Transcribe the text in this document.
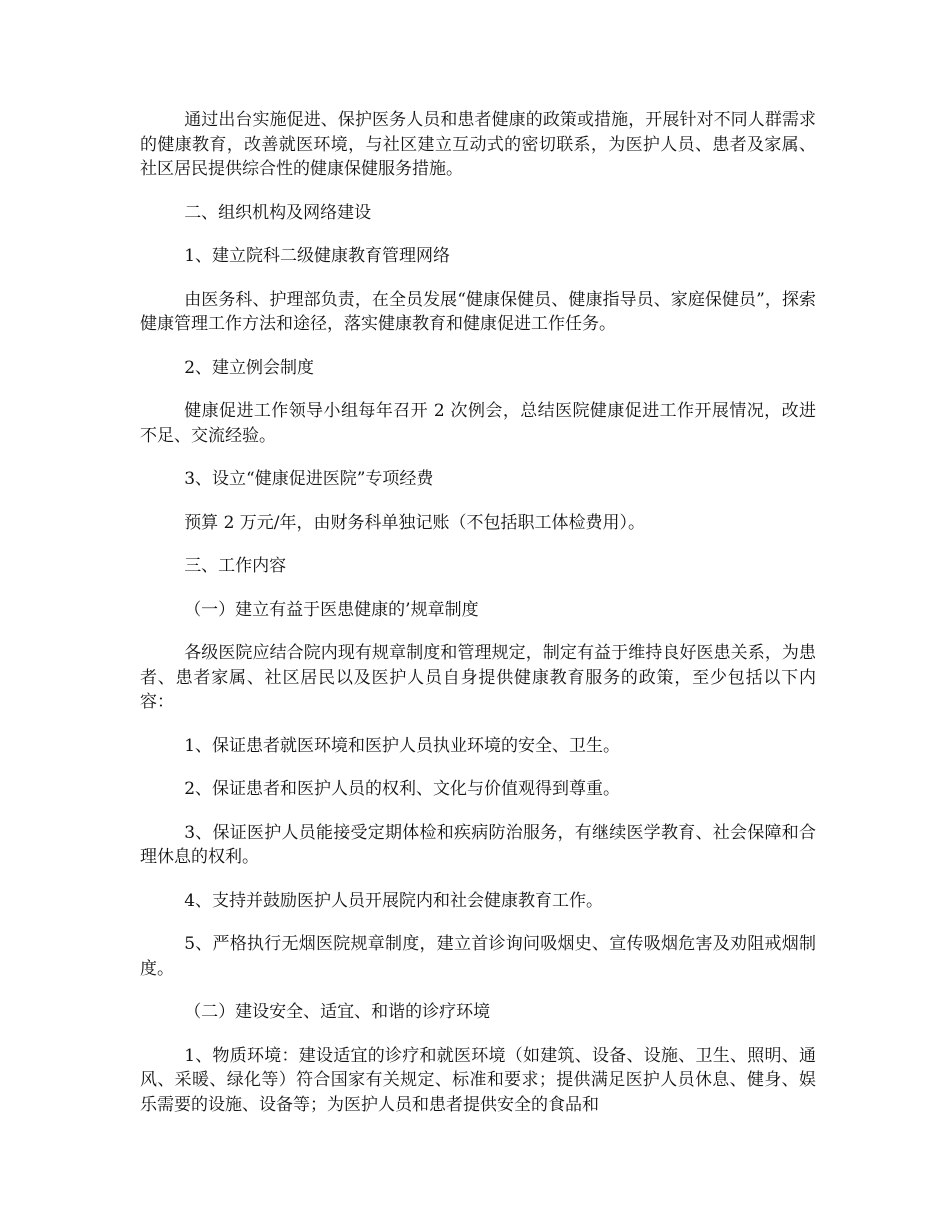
通过出台实施促进、保护医务人员和患者健康的政策或措施，开展针对不同人群需求的健康教育，改善就医环境，与社区建立互动式的密切联系，为医护人员、患者及家属、社区居民提供综合性的健康保健服务措施。

二、组织机构及网络建设

1、建立院科二级健康教育管理网络

由医务科、护理部负责，在全员发展“健康保健员、健康指导员、家庭保健员”，探索健康管理工作方法和途径，落实健康教育和健康促进工作任务。

2、建立例会制度

健康促进工作领导小组每年召开 2 次例会，总结医院健康促进工作开展情况，改进不足、交流经验。

3、设立“健康促进医院”专项经费

预算 2 万元/年，由财务科单独记账（不包括职工体检费用）。

三、工作内容

（一）建立有益于医患健康的’规章制度

各级医院应结合院内现有规章制度和管理规定，制定有益于维持良好医患关系，为患者、患者家属、社区居民以及医护人员自身提供健康教育服务的政策，至少包括以下内容：

1、保证患者就医环境和医护人员执业环境的安全、卫生。

2、保证患者和医护人员的权利、文化与价值观得到尊重。

3、保证医护人员能接受定期体检和疾病防治服务，有继续医学教育、社会保障和合理休息的权利。

4、支持并鼓励医护人员开展院内和社会健康教育工作。

5、严格执行无烟医院规章制度，建立首诊询问吸烟史、宣传吸烟危害及劝阻戒烟制度。

（二）建设安全、适宜、和谐的诊疗环境

1、物质环境：建设适宜的诊疗和就医环境（如建筑、设备、设施、卫生、照明、通风、采暖、绿化等）符合国家有关规定、标准和要求；提供满足医护人员休息、健身、娱乐需要的设施、设备等；为医护人员和患者提供安全的食品和
